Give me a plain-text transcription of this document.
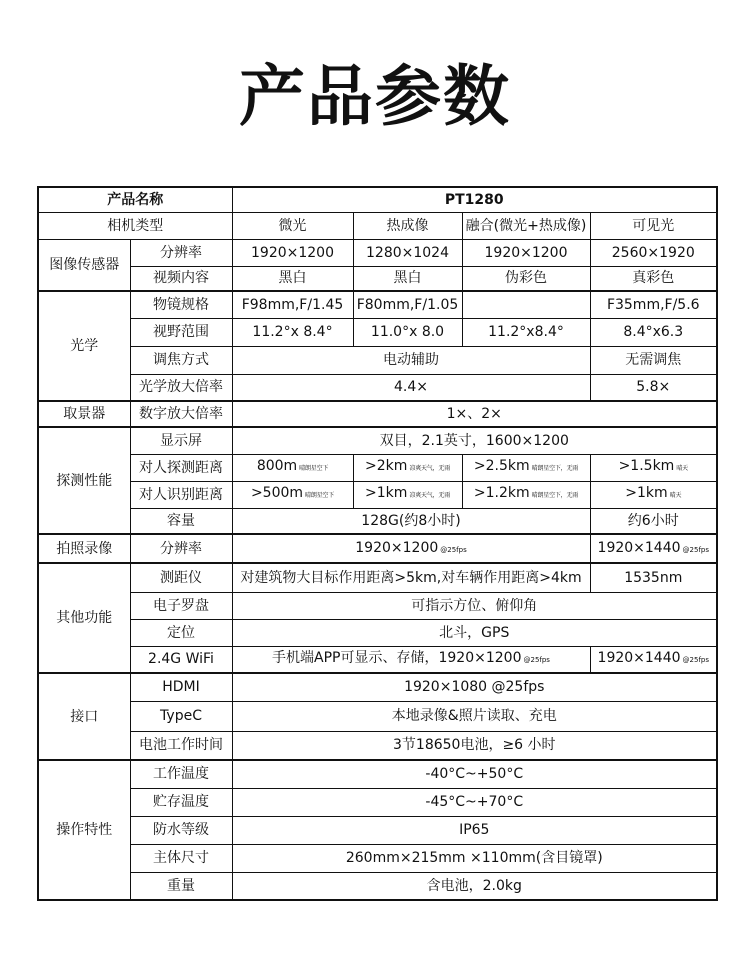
产品参数
产品名称		PT1280			
相机类型		微光	热成像	融合(微光+热成像)	可见光
图像传感器	分辨率	1920×1200	1280×1024	1920×1200	2560×1920
	视频内容	黑白	黑白	伪彩色	真彩色
光学	物镜规格	F98mm,F/1.45	F80mm,F/1.05		F35mm,F/5.6
	视野范围	11.2°x 8.4°	11.0°x 8.0	11.2°x8.4°	8.4°x6.3
	调焦方式	电动辅助			无需调焦
	光学放大倍率	4.4×			5.8×
取景器	数字放大倍率	1×、2×			
探测性能	显示屏	双目，2.1英寸，1600×1200			
	对人探测距离	800m 晴朗星空下	>2km 凉爽天气，无雨	>2.5km 晴朗星空下，无雨	>1.5km 晴天
	对人识别距离	>500m 晴朗星空下	>1km 凉爽天气，无雨	>1.2km 晴朗星空下，无雨	>1km 晴天
	容量	128G(约8小时)			约6小时
拍照录像	分辨率	1920×1200 @25fps			1920×1440 @25fps
其他功能	测距仪	对建筑物大目标作用距离>5km,对车辆作用距离>4km			1535nm
	电子罗盘	可指示方位、俯仰角			
	定位	北斗，GPS			
	2.4G WiFi	手机端APP可显示、存储，1920×1200 @25fps			1920×1440 @25fps
接口	HDMI	1920×1080 @25fps			
	TypeC	本地录像&照片读取、充电			
	电池工作时间	3节18650电池，≥6 小时			
操作特性	工作温度	-40°C~+50°C			
	贮存温度	-45°C~+70°C			
	防水等级	IP65			
	主体尺寸	260mm×215mm ×110mm(含目镜罩)			
	重量	含电池，2.0kg			
